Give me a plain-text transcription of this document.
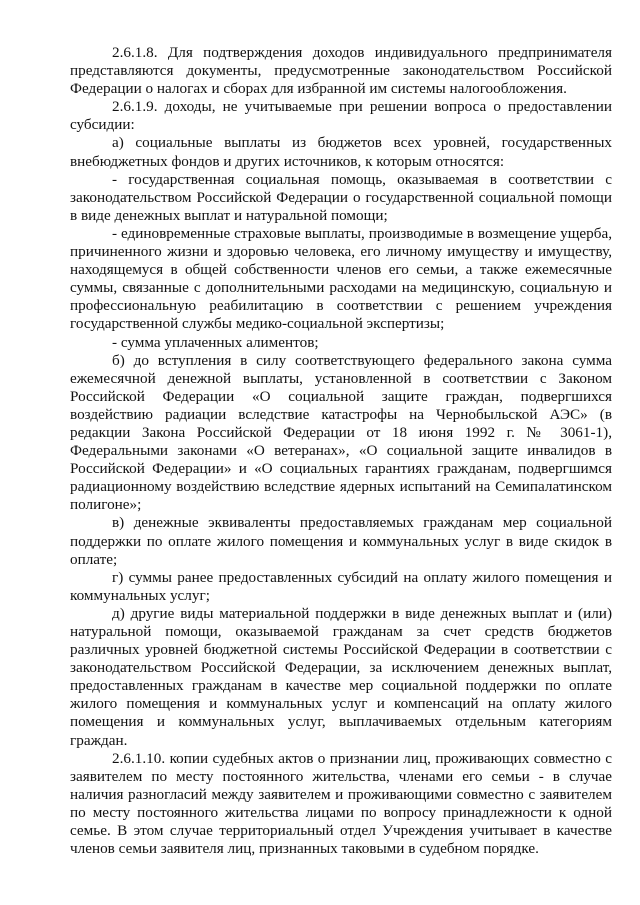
2.6.1.8. Для подтверждения доходов индивидуального предпринимателя представляются документы, предусмотренные законодательством Российской Федерации о налогах и сборах для избранной им системы налогообложения.

2.6.1.9. доходы, не учитываемые при решении вопроса о предоставлении субсидии:

а) социальные выплаты из бюджетов всех уровней, государственных внебюджетных фондов и других источников, к которым относятся:

- государственная социальная помощь, оказываемая в соответствии с законодательством Российской Федерации о государственной социальной помощи в виде денежных выплат и натуральной помощи;

- единовременные страховые выплаты, производимые в возмещение ущерба, причиненного жизни и здоровью человека, его личному имуществу и имуществу, находящемуся в общей собственности членов его семьи, а также ежемесячные суммы, связанные с дополнительными расходами на медицинскую, социальную и профессиональную реабилитацию в соответствии с решением учреждения государственной службы медико-социальной экспертизы;

- сумма уплаченных алиментов;

б) до вступления в силу соответствующего федерального закона сумма ежемесячной денежной выплаты, установленной в соответствии с Законом Российской Федерации «О социальной защите граждан, подвергшихся воздействию радиации вследствие катастрофы на Чернобыльской АЭС» (в редакции Закона Российской Федерации от 18 июня 1992 г. № 3061-1), Федеральными законами «О ветеранах», «О социальной защите инвалидов в Российской Федерации» и «О социальных гарантиях гражданам, подвергшимся радиационному воздействию вследствие ядерных испытаний на Семипалатинском полигоне»;

в) денежные эквиваленты предоставляемых гражданам мер социальной поддержки по оплате жилого помещения и коммунальных услуг в виде скидок в оплате;

г) суммы ранее предоставленных субсидий на оплату жилого помещения и коммунальных услуг;

д) другие виды материальной поддержки в виде денежных выплат и (или) натуральной помощи, оказываемой гражданам за счет средств бюджетов различных уровней бюджетной системы Российской Федерации в соответствии с законодательством Российской Федерации, за исключением денежных выплат, предоставленных гражданам в качестве мер социальной поддержки по оплате жилого помещения и коммунальных услуг и компенсаций на оплату жилого помещения и коммунальных услуг, выплачиваемых отдельным категориям граждан.

2.6.1.10. копии судебных актов о признании лиц, проживающих совместно с заявителем по месту постоянного жительства, членами его семьи - в случае наличия разногласий между заявителем и проживающими совместно с заявителем по месту постоянного жительства лицами по вопросу принадлежности к одной семье. В этом случае территориальный отдел Учреждения учитывает в качестве членов семьи заявителя лиц, признанных таковыми в судебном порядке.
